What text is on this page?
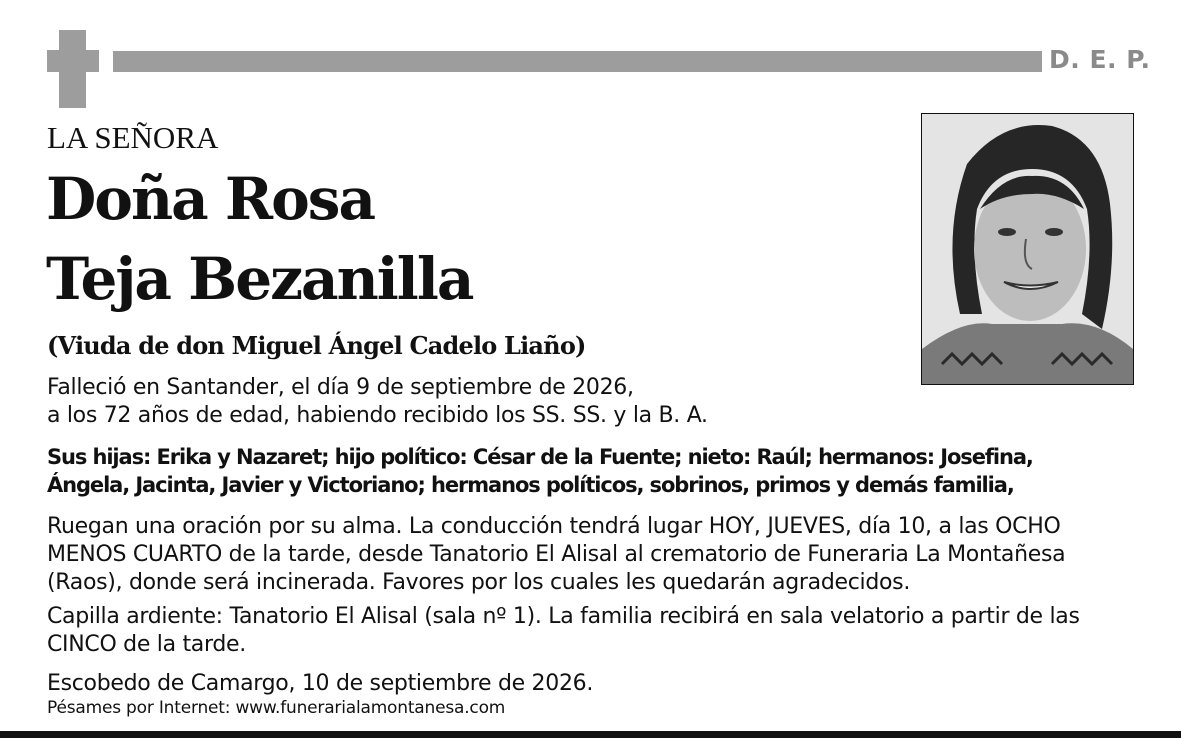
D. E. P.
LA SEÑORA
Doña Rosa
Teja Bezanilla
(Viuda de don Miguel Ángel Cadelo Liaño)
Falleció en Santander, el día 9 de septiembre de 2026,
a los 72 años de edad, habiendo recibido los SS. SS. y la B. A.
Sus hijas: Erika y Nazaret; hijo político: César de la Fuente; nieto: Raúl; hermanos: Josefina,
Ángela, Jacinta, Javier y Victoriano; hermanos políticos, sobrinos, primos y demás familia,
Ruegan una oración por su alma. La conducción tendrá lugar HOY, JUEVES, día 10, a las OCHO
MENOS CUARTO de la tarde, desde Tanatorio El Alisal al crematorio de Funeraria La Montañesa
(Raos), donde será incinerada. Favores por los cuales les quedarán agradecidos.
Capilla ardiente: Tanatorio El Alisal (sala nº 1). La familia recibirá en sala velatorio a partir de las
CINCO de la tarde.
Escobedo de Camargo, 10 de septiembre de 2026.
Pésames por Internet: www.funerarialamontanesa.com
